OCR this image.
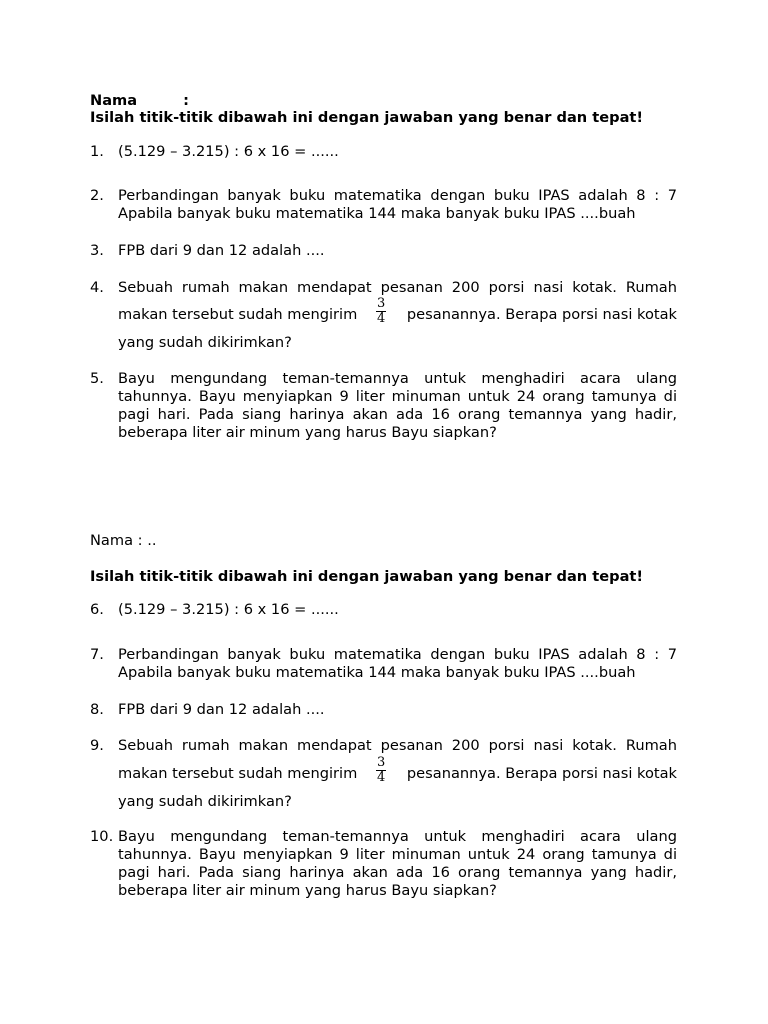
Nama	:
Isilah titik-titik dibawah ini dengan jawaban yang benar dan tepat!
1. (5.129 – 3.215) : 6 x 16 = ......
2. Perbandingan banyak buku matematika dengan buku IPAS adalah 8 : 7
Apabila banyak buku matematika 144 maka banyak buku IPAS ....buah
3. FPB dari 9 dan 12 adalah ....
4. Sebuah rumah makan mendapat pesanan 200 porsi nasi kotak. Rumah
makan tersebut sudah mengirim $\frac{3}{4}$ pesanannya. Berapa porsi nasi kotak
yang sudah dikirimkan?
5. Bayu mengundang teman-temannya untuk menghadiri acara ulang
tahunnya. Bayu menyiapkan 9 liter minuman untuk 24 orang tamunya di
pagi hari. Pada siang harinya akan ada 16 orang temannya yang hadir,
beberapa liter air minum yang harus Bayu siapkan?
Nama : ..
Isilah titik-titik dibawah ini dengan jawaban yang benar dan tepat!
6. (5.129 – 3.215) : 6 x 16 = ......
7. Perbandingan banyak buku matematika dengan buku IPAS adalah 8 : 7
Apabila banyak buku matematika 144 maka banyak buku IPAS ....buah
8. FPB dari 9 dan 12 adalah ....
9. Sebuah rumah makan mendapat pesanan 200 porsi nasi kotak. Rumah
makan tersebut sudah mengirim $\frac{3}{4}$ pesanannya. Berapa porsi nasi kotak
yang sudah dikirimkan?
10. Bayu mengundang teman-temannya untuk menghadiri acara ulang
tahunnya. Bayu menyiapkan 9 liter minuman untuk 24 orang tamunya di
pagi hari. Pada siang harinya akan ada 16 orang temannya yang hadir,
beberapa liter air minum yang harus Bayu siapkan?
